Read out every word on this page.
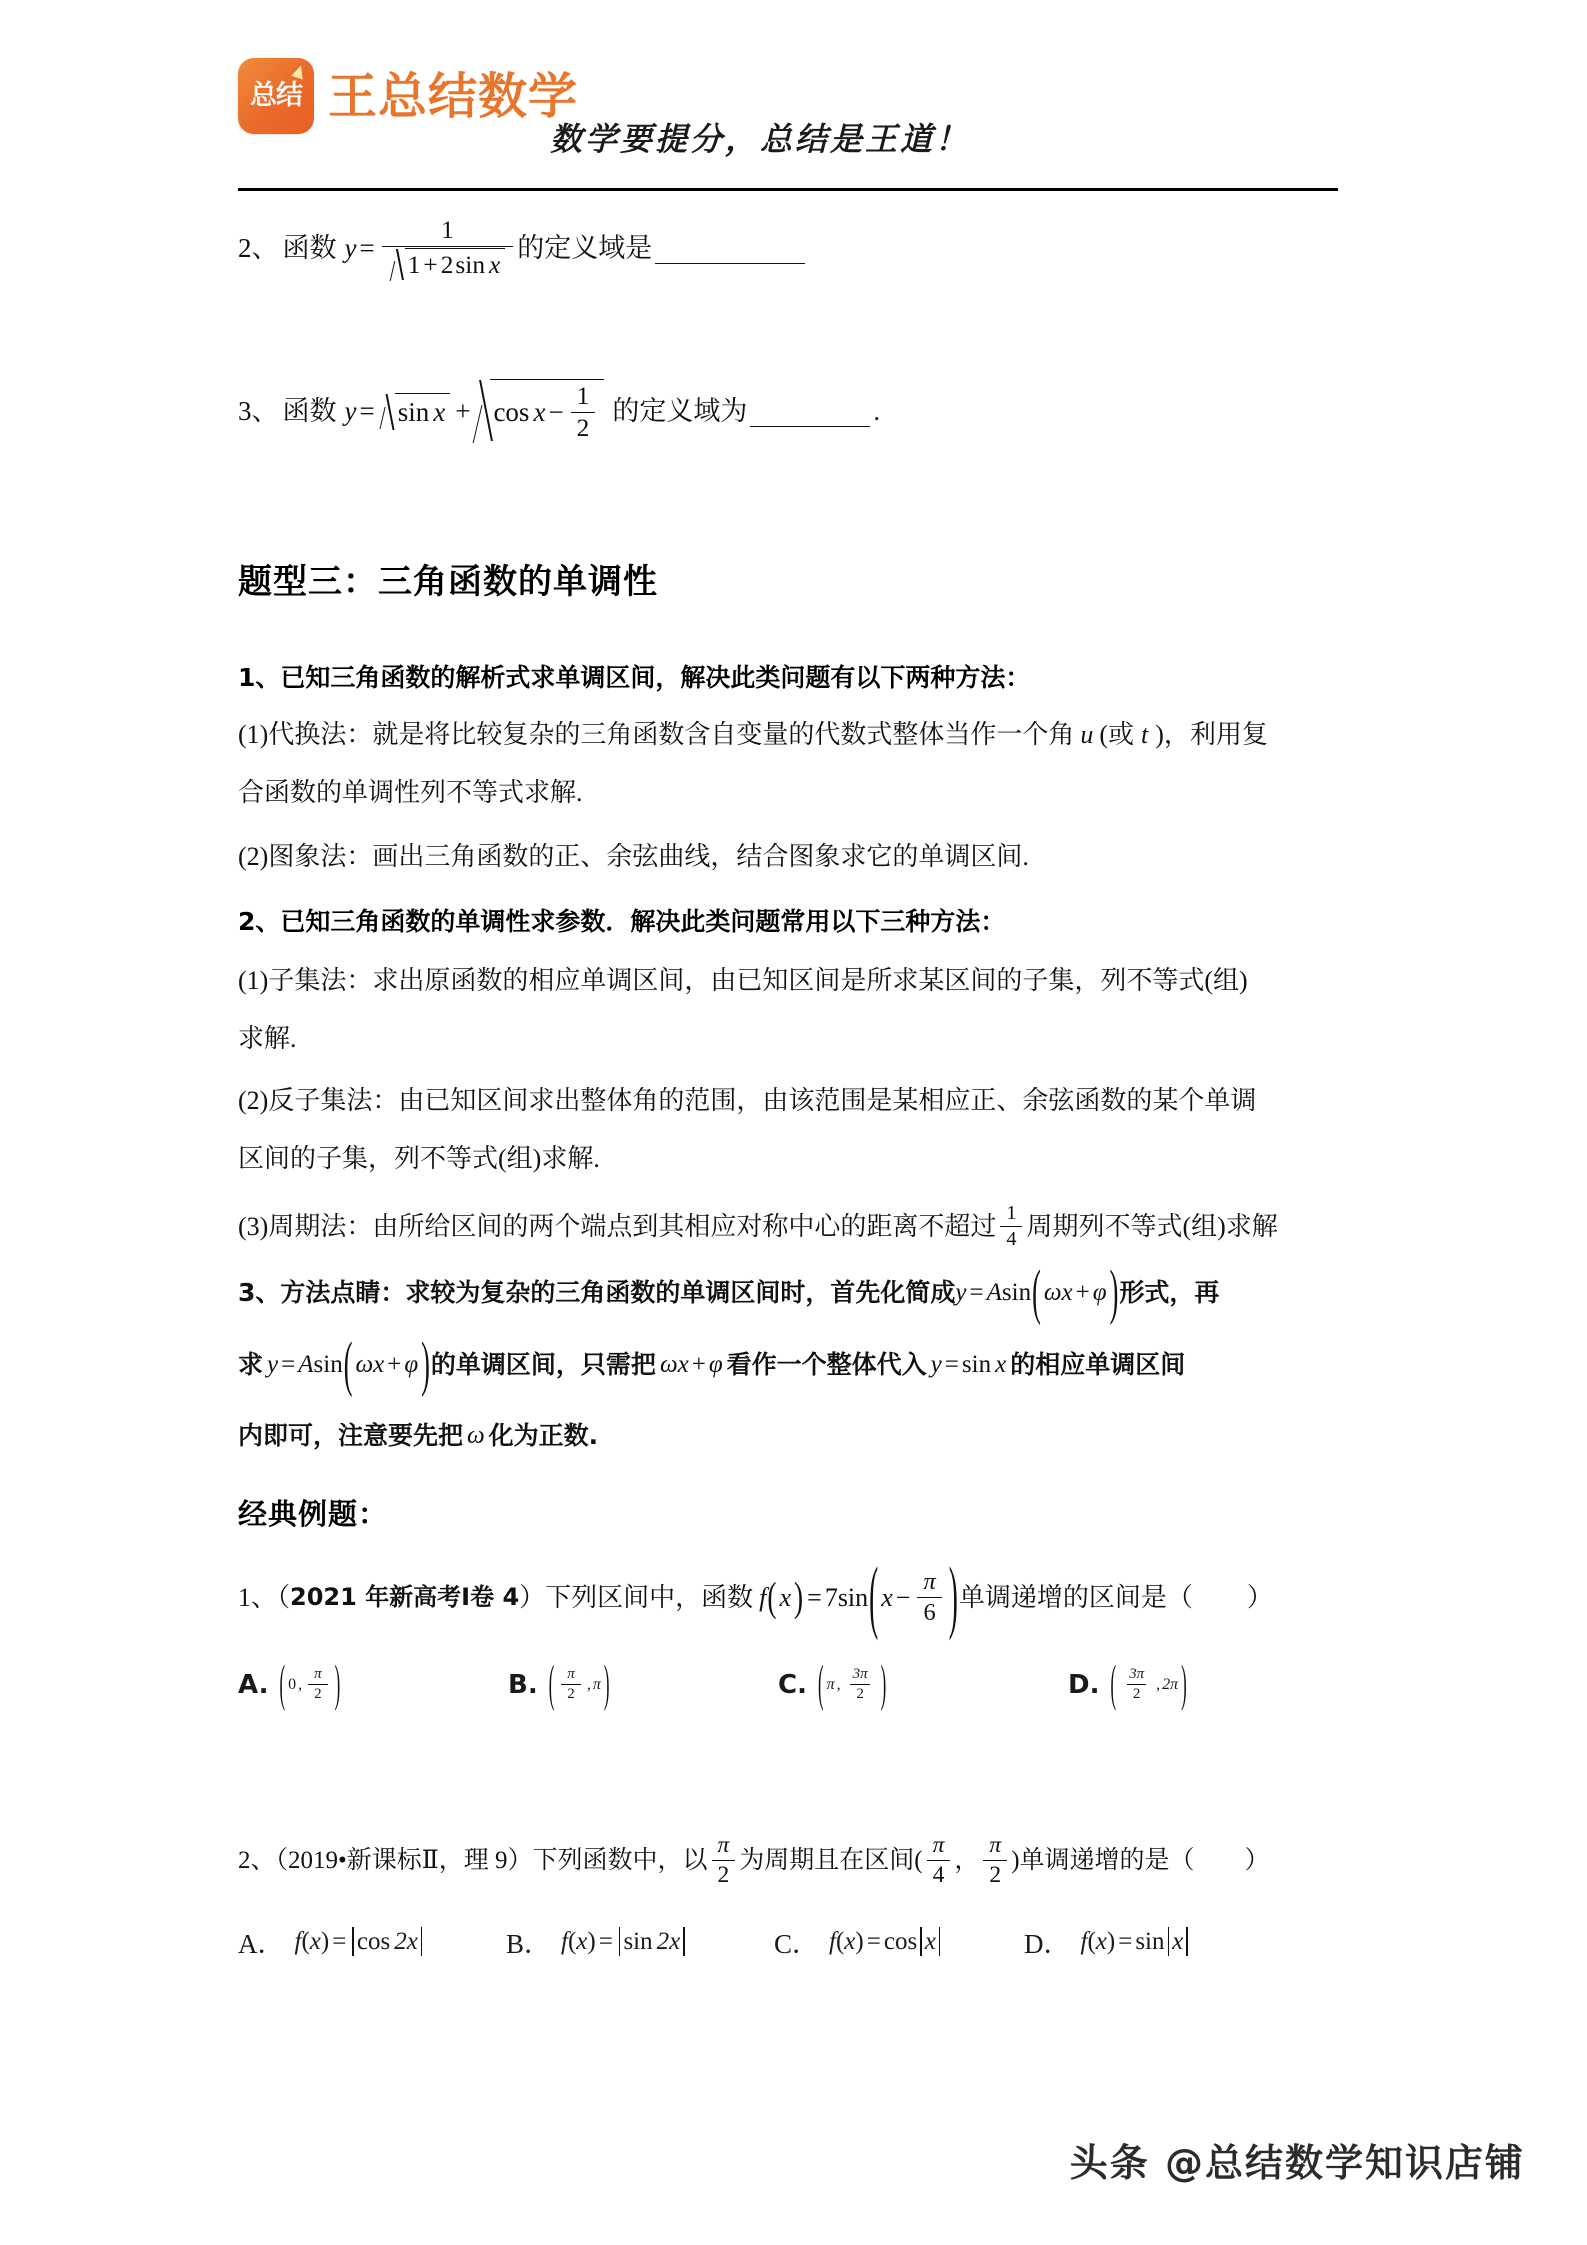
总结 王总结数学
数学要提分，总结是王道！
2、 函数 y =
1
1 + 2 sin x
的定义域是
3、 函数 $y = \sin x + \cos x - \frac{1}{2}$ 的定义域为	.
题型三：三角函数的单调性
1、已知三角函数的解析式求单调区间，解决此类问题有以下两种方法：
(1)代换法：就是将比较复杂的三角函数含自变量的代数式整体当作一个角 u (或 t )，利用复
合函数的单调性列不等式求解.
(2)图象法：画出三角函数的正、余弦曲线，结合图象求它的单调区间.
2、已知三角函数的单调性求参数．解决此类问题常用以下三种方法：
(1)子集法：求出原函数的相应单调区间，由已知区间是所求某区间的子集，列不等式(组)
求解.
(2)反子集法：由已知区间求出整体角的范围，由该范围是某相应正、余弦函数的某个单调
区间的子集，列不等式(组)求解.
(3)周期法：由所给区间的两个端点到其相应对称中心的距离不超过 $\frac{1}{4}$ 周期列不等式(组)求解
3、方法点睛：求较为复杂的三角函数的单调区间时，首先化简成 y = A sin ( ω x + φ ) 形式，再
求 y = A sin ( ω x + φ ) 的单调区间，只需把 ω x + φ 看作一个整体代入 y = sin x 的相应单调区间
内即可，注意要先把 ω 化为正数.
经典例题：
1、（ 2021 年新高考I卷 4 ）下列区间中，函数 f ( x ) = 7 sin ( $x - \frac{\pi}{6}$ ) 单调递增的区间是（ ）
A. ( 0 , $\frac{\pi}{2}$ )	B. ( $\frac{\pi}{2}$ , π )	C. ( π , $\frac{3\pi}{2}$ )	D. ( $\frac{3\pi}{2}$ , 2π )
2、（2019•新课标Ⅱ，理 9）下列函数中，以 $\frac{\pi}{2}$ 为周期且在区间( $\frac{\pi}{4}$ ， $\frac{\pi}{2}$ )单调递增的是（ ）
A． f ( x ) = cos 2x	B． f ( x ) = sin 2x	C． f ( x ) = cos x	D． f ( x ) = sin x
头条 @总结数学知识店铺
